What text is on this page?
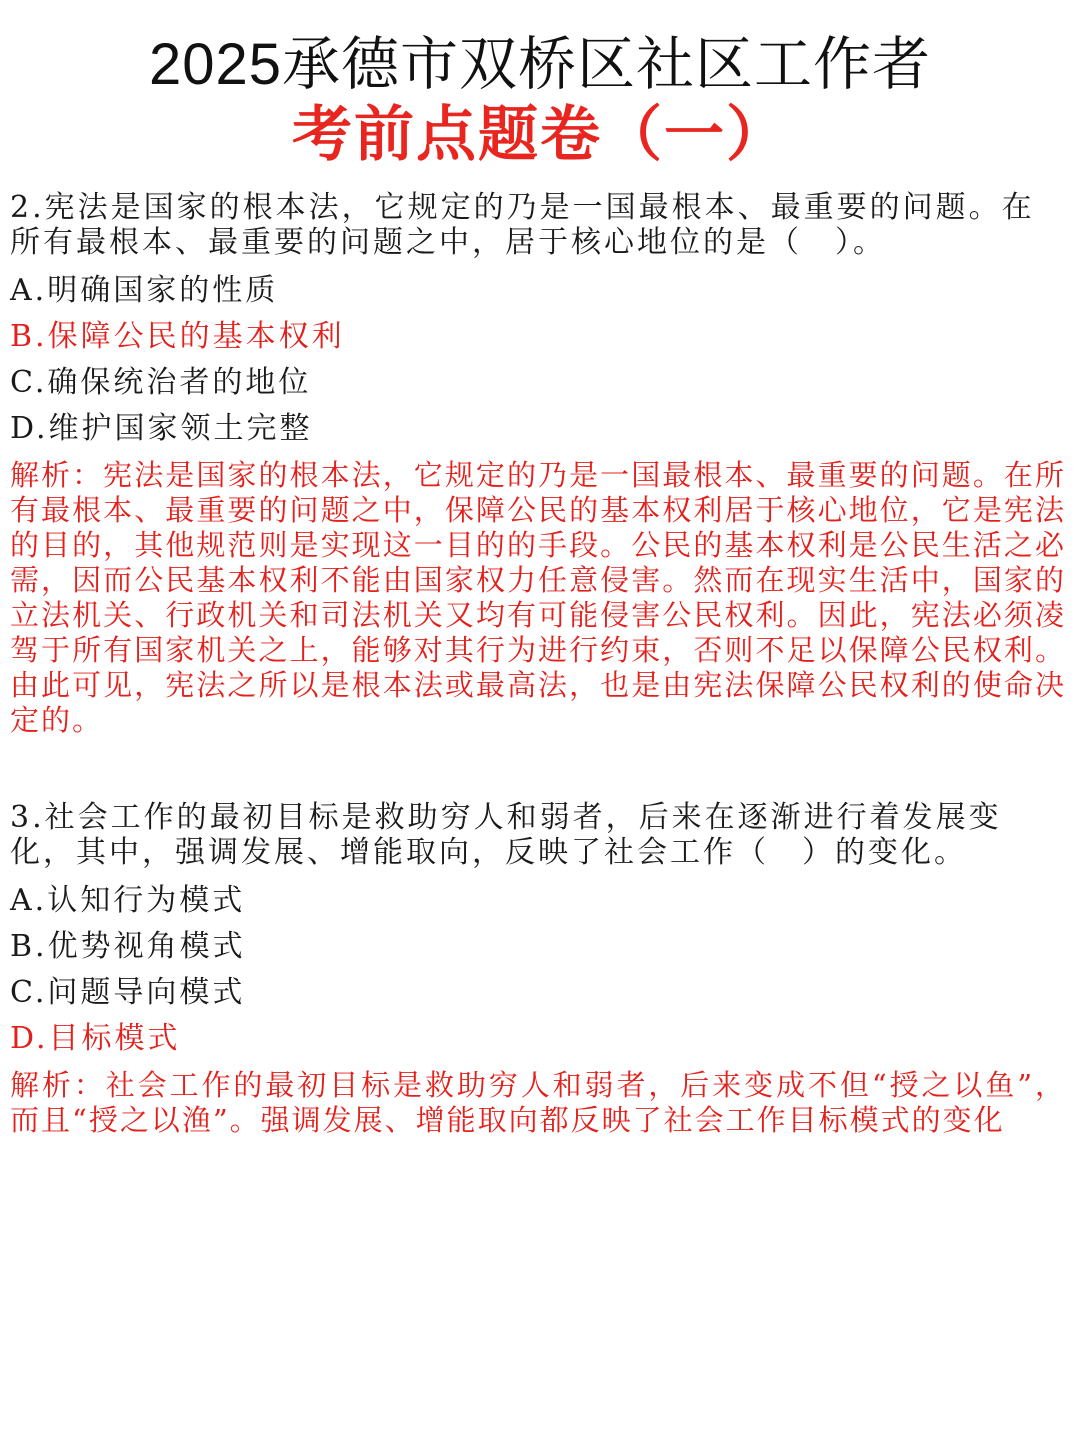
2025承德市双桥区社区工作者
考前点题卷（一）

2.宪法是国家的根本法，它规定的乃是一国最根本、最重要的问题。在所有最根本、最重要的问题之中，居于核心地位的是（　）。

A.明确国家的性质

B.保障公民的基本权利

C.确保统治者的地位

D.维护国家领土完整

解析：宪法是国家的根本法，它规定的乃是一国最根本、最重要的问题。在所有最根本、最重要的问题之中，保障公民的基本权利居于核心地位，它是宪法的目的，其他规范则是实现这一目的的手段。公民的基本权利是公民生活之必需，因而公民基本权利不能由国家权力任意侵害。然而在现实生活中，国家的立法机关、行政机关和司法机关又均有可能侵害公民权利。因此，宪法必须凌驾于所有国家机关之上，能够对其行为进行约束，否则不足以保障公民权利。由此可见，宪法之所以是根本法或最高法，也是由宪法保障公民权利的使命决定的。

3.社会工作的最初目标是救助穷人和弱者，后来在逐渐进行着发展变化，其中，强调发展、增能取向，反映了社会工作（　）的变化。

A.认知行为模式

B.优势视角模式

C.问题导向模式

D.目标模式

解析：社会工作的最初目标是救助穷人和弱者，后来变成不但“授之以鱼”，而且“授之以渔”。强调发展、增能取向都反映了社会工作目标模式的变化
